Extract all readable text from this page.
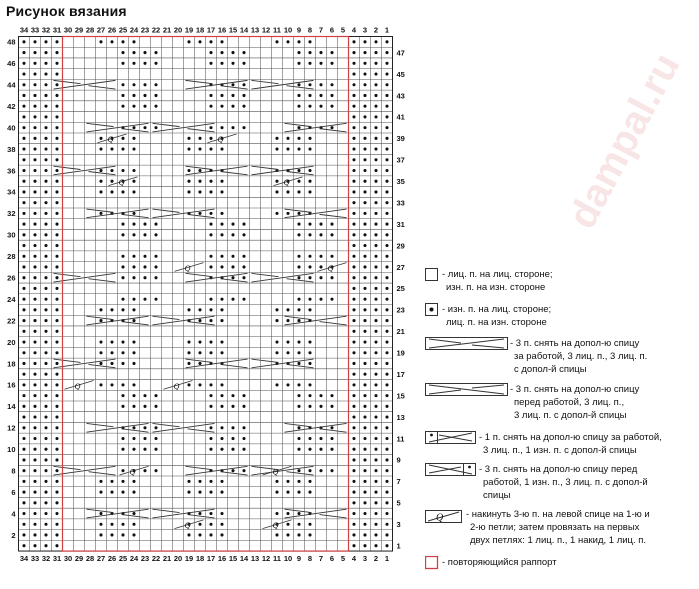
Рисунок вязания
dampal.ru
Q	Q
Q
Q	Q
Q
Q	Q
Q
Q
Q	Q
34
34
33
33
32
32
31
31
30
30
29
29
28
28
27
27
26
26
25
25
24
24
23
23
22
22
21
21
20
20
19
19
18
18
17
17
16
16
15
15
14
14
13
13
12
12
11
11
10
10
9
9
8
8
7
7
6
6
5
5
4
4
3
3
2
2
1
1
48
46
44
42
40
38
36
34
32
30
28
26
24
22
20
18
16
14
12
10
8
6
4
2
47
45
43
41
39
37
35
33
31
29
27
25
23
21
19
17
15
13
11
9
7
5
3
1
- лиц. п. на лиц. стороне;
изн. п. на изн. стороне
- изн. п. на лиц. стороне;
лиц. п. на изн. стороне
- 3 п. снять на допол-ю спицу
за работой, 3 лиц. п., 3 лиц. п.
с допол-й спицы
- 3 п. снять на допол-ю спицу
перед работой, 3 лиц. п.,
3 лиц. п. с допол-й спицы
- 1 п. снять на допол-ю спицу за работой,
3 лиц. п., 1 изн. п. с допол-й спицы
- 3 п. снять на допол-ю спицу перед
работой, 1 изн. п., 3 лиц. п. с допол-й
спицы
Q - накинуть 3-ю п. на левой спице на 1-ю и
2-ю петли; затем провязать на первых
двух петлях: 1 лиц. п., 1 накид, 1 лиц. п.
- повторяющийся раппорт
